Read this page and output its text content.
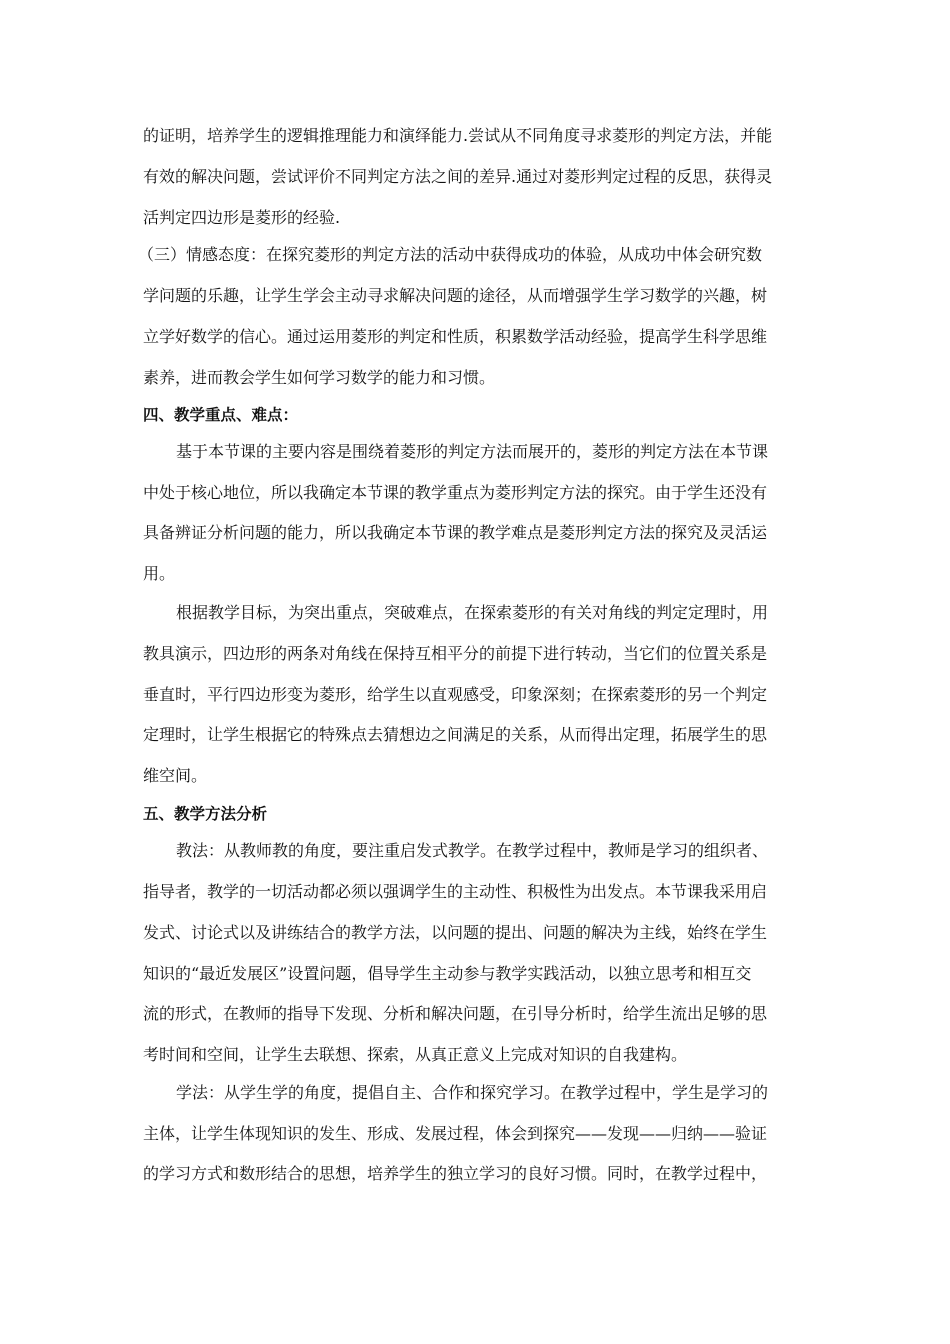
的证明，培养学生的逻辑推理能力和演绎能力.尝试从不同角度寻求菱形的判定方法，并能
有效的解决问题，尝试评价不同判定方法之间的差异.通过对菱形判定过程的反思，获得灵
活判定四边形是菱形的经验.
（三）情感态度：在探究菱形的判定方法的活动中获得成功的体验，从成功中体会研究数
学问题的乐趣，让学生学会主动寻求解决问题的途径，从而增强学生学习数学的兴趣，树
立学好数学的信心。通过运用菱形的判定和性质，积累数学活动经验，提高学生科学思维
素养，进而教会学生如何学习数学的能力和习惯。
四、教学重点、难点：
基于本节课的主要内容是围绕着菱形的判定方法而展开的，菱形的判定方法在本节课
中处于核心地位，所以我确定本节课的教学重点为菱形判定方法的探究。由于学生还没有
具备辨证分析问题的能力，所以我确定本节课的教学难点是菱形判定方法的探究及灵活运
用。
根据教学目标，为突出重点，突破难点，在探索菱形的有关对角线的判定定理时，用
教具演示，四边形的两条对角线在保持互相平分的前提下进行转动，当它们的位置关系是
垂直时，平行四边形变为菱形，给学生以直观感受，印象深刻；在探索菱形的另一个判定
定理时，让学生根据它的特殊点去猜想边之间满足的关系，从而得出定理，拓展学生的思
维空间。
五、教学方法分析
教法：从教师教的角度，要注重启发式教学。在教学过程中，教师是学习的组织者、
指导者，教学的一切活动都必须以强调学生的主动性、积极性为出发点。本节课我采用启
发式、讨论式以及讲练结合的教学方法，以问题的提出、问题的解决为主线，始终在学生
知识的“最近发展区”设置问题，倡导学生主动参与教学实践活动，以独立思考和相互交
流的形式，在教师的指导下发现、分析和解决问题，在引导分析时，给学生流出足够的思
考时间和空间，让学生去联想、探索，从真正意义上完成对知识的自我建构。
学法：从学生学的角度，提倡自主、合作和探究学习。在教学过程中，学生是学习的
主体，让学生体现知识的发生、形成、发展过程，体会到探究——发现——归纳——验证
的学习方式和数形结合的思想，培养学生的独立学习的良好习惯。同时，在教学过程中，
